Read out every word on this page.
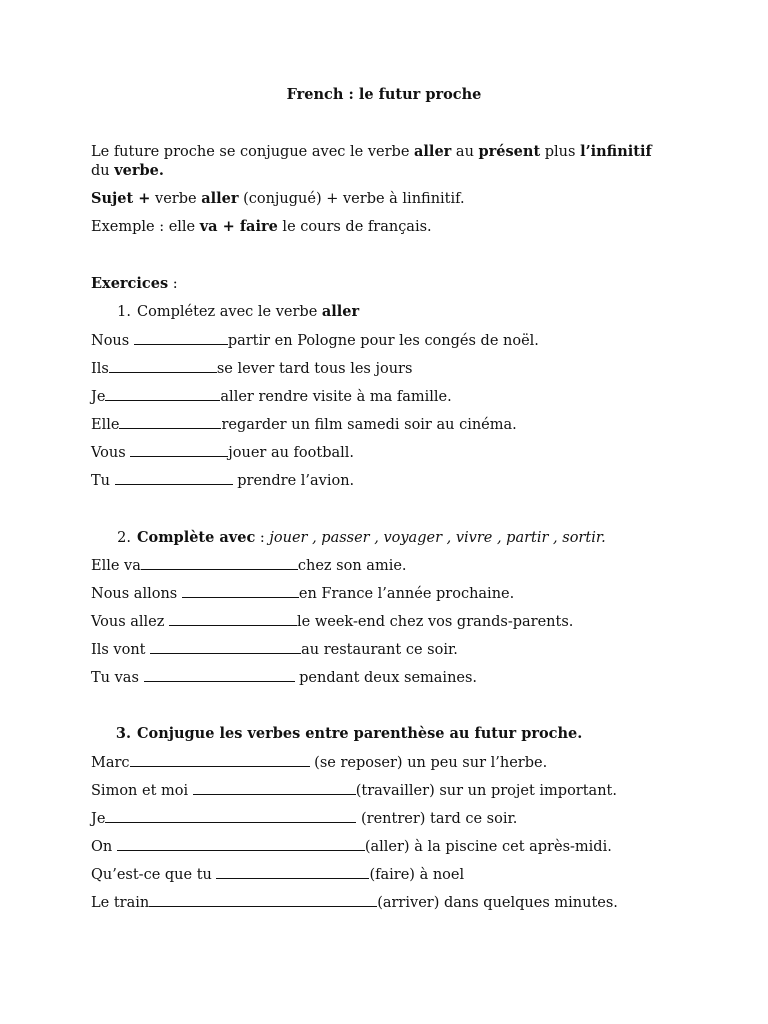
French : le futur proche
Le future proche se conjugue avec le verbe aller au présent plus l’infinitif
du verbe.
Sujet + verbe aller (conjugué) + verbe à linfinitif.
Exemple : elle va + faire le cours de français.
Exercices :
1. Complétez avec le verbe aller
Nous	partir en Pologne pour les congés de noël.
Ils	se lever tard tous les jours
Je	aller rendre visite à ma famille.
Elle	regarder un film samedi soir au cinéma.
Vous	jouer au football.
Tu	prendre l’avion.
2. Complète avec : jouer , passer , voyager , vivre , partir , sortir.
Elle va	chez son amie.
Nous allons	en France l’année prochaine.
Vous allez	le week-end chez vos grands-parents.
Ils vont	au restaurant ce soir.
Tu vas	pendant deux semaines.
3. Conjugue les verbes entre parenthèse au futur proche.
Marc	(se reposer) un peu sur l’herbe.
Simon et moi	(travailler) sur un projet important.
Je	(rentrer) tard ce soir.
On	(aller) à la piscine cet après-midi.
Qu’est-ce que tu	(faire) à noel
Le train	(arriver) dans quelques minutes.
